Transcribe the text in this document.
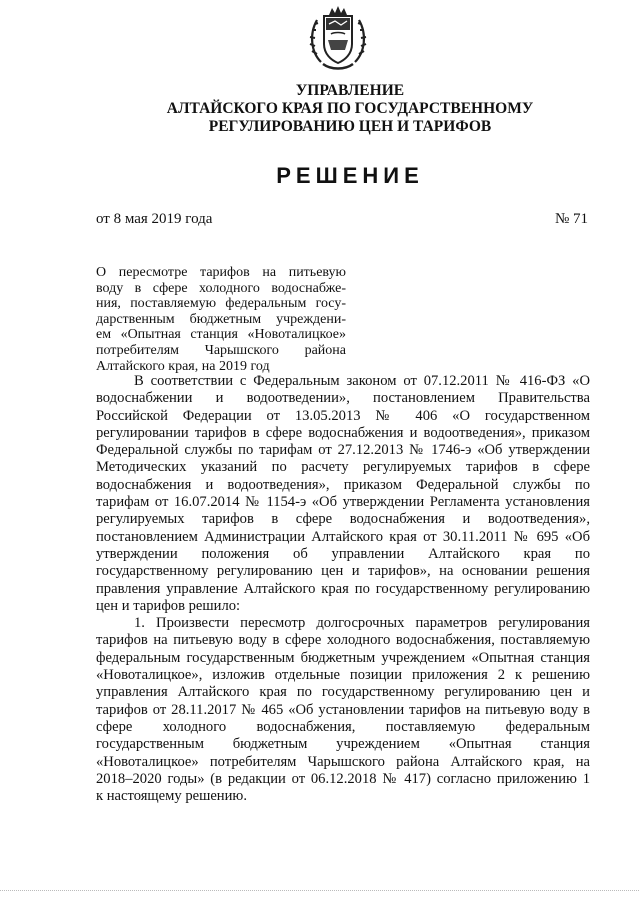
УПРАВЛЕНИЕ
АЛТАЙСКОГО КРАЯ ПО ГОСУДАРСТВЕННОМУ
РЕГУЛИРОВАНИЮ ЦЕН И ТАРИФОВ
РЕШЕНИЕ
от 8 мая 2019 года	№ 71
О пересмотре тарифов на питьевую
воду в сфере холодного водоснабже-
ния, поставляемую федеральным госу-
дарственным бюджетным учреждени-
ем «Опытная станция «Новоталицкое»
потребителям Чарышского района
Алтайского края, на 2019 год
В соответствии с Федеральным законом от 07.12.2011 № 416-ФЗ «О
водоснабжении и водоотведении», постановлением Правительства
Российской Федерации от 13.05.2013 № 406 «О государственном
регулировании тарифов в сфере водоснабжения и водоотведения», приказом
Федеральной службы по тарифам от 27.12.2013 № 1746-э «Об утверждении
Методических указаний по расчету регулируемых тарифов в сфере
водоснабжения и водоотведения», приказом Федеральной службы по
тарифам от 16.07.2014 № 1154-э «Об утверждении Регламента установления
регулируемых тарифов в сфере водоснабжения и водоотведения»,
постановлением Администрации Алтайского края от 30.11.2011 № 695 «Об
утверждении положения об управлении Алтайского края по
государственному регулированию цен и тарифов», на основании решения
правления управление Алтайского края по государственному регулированию
цен и тарифов решило:
1. Произвести пересмотр долгосрочных параметров регулирования
тарифов на питьевую воду в сфере холодного водоснабжения, поставляемую
федеральным государственным бюджетным учреждением «Опытная станция
«Новоталицкое», изложив отдельные позиции приложения 2 к решению
управления Алтайского края по государственному регулированию цен и
тарифов от 28.11.2017 № 465 «Об установлении тарифов на питьевую воду в
сфере холодного водоснабжения, поставляемую федеральным
государственным бюджетным учреждением «Опытная станция
«Новоталицкое» потребителям Чарышского района Алтайского края, на
2018–2020 годы» (в редакции от 06.12.2018 № 417) согласно приложению 1
к настоящему решению.
